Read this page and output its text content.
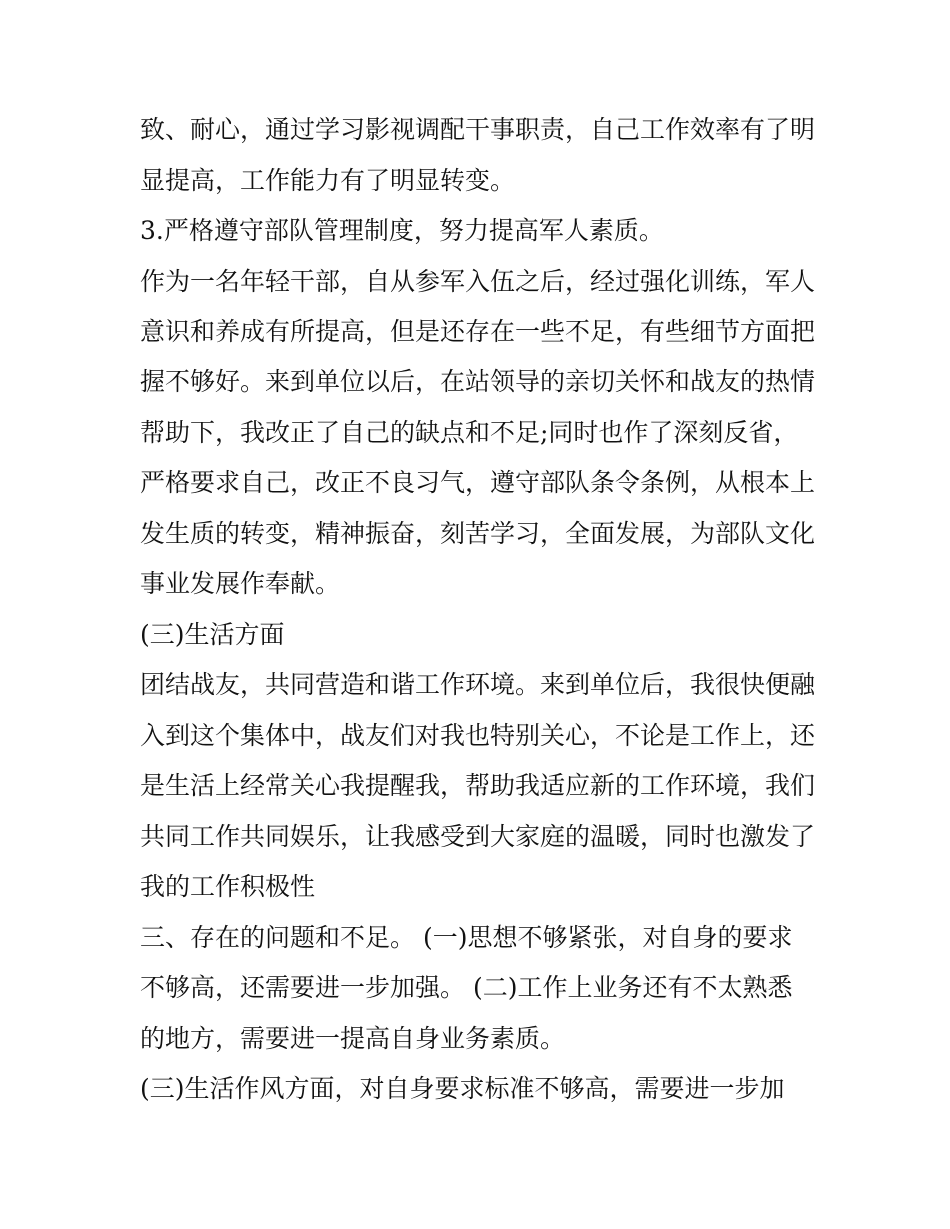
致、耐心，通过学习影视调配干事职责，自己工作效率有了明
显提高，工作能力有了明显转变。
3.严格遵守部队管理制度，努力提高军人素质。
作为一名年轻干部，自从参军入伍之后，经过强化训练，军人
意识和养成有所提高，但是还存在一些不足，有些细节方面把
握不够好。来到单位以后，在站领导的亲切关怀和战友的热情
帮助下，我改正了自己的缺点和不足;同时也作了深刻反省，
严格要求自己，改正不良习气，遵守部队条令条例，从根本上
发生质的转变，精神振奋，刻苦学习，全面发展，为部队文化
事业发展作奉献。
(三)生活方面
团结战友，共同营造和谐工作环境。来到单位后，我很快便融
入到这个集体中，战友们对我也特别关心，不论是工作上，还
是生活上经常关心我提醒我，帮助我适应新的工作环境，我们
共同工作共同娱乐，让我感受到大家庭的温暖，同时也激发了
我的工作积极性
三、存在的问题和不足。 (一)思想不够紧张，对自身的要求
不够高，还需要进一步加强。 (二)工作上业务还有不太熟悉
的地方，需要进一提高自身业务素质。
(三)生活作风方面，对自身要求标准不够高，需要进一步加
